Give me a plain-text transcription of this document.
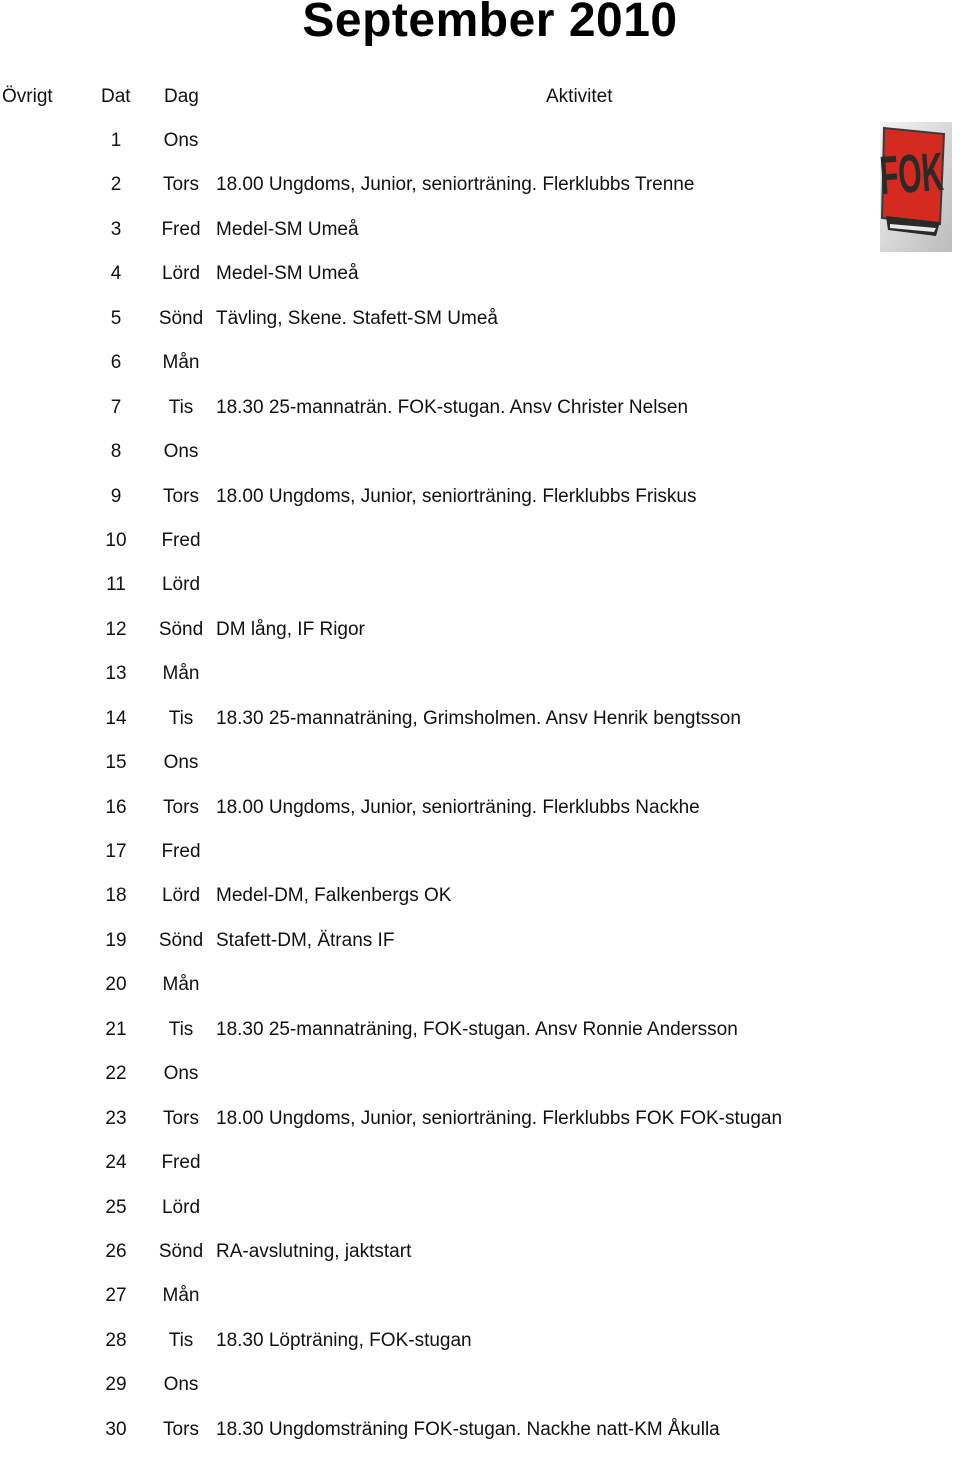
September 2010
Övrigt	Dat Dag	Aktivitet
FOK
1	Ons
2	Tors 18.00 Ungdoms, Junior, seniorträning. Flerklubbs Trenne
3	Fred Medel-SM Umeå
4	Lörd Medel-SM Umeå
5	Sönd Tävling, Skene. Stafett-SM Umeå
6	Mån
7	Tis	18.30 25-mannaträn. FOK-stugan. Ansv Christer Nelsen
8	Ons
9	Tors 18.00 Ungdoms, Junior, seniorträning. Flerklubbs Friskus
10	Fred
11	Lörd
12	Sönd DM lång, IF Rigor
13	Mån
14	Tis	18.30 25-mannaträning, Grimsholmen. Ansv Henrik bengtsson
15	Ons
16	Tors 18.00 Ungdoms, Junior, seniorträning. Flerklubbs Nackhe
17	Fred
18	Lörd Medel-DM, Falkenbergs OK
19	Sönd Stafett-DM, Ätrans IF
20	Mån
21	Tis	18.30 25-mannaträning, FOK-stugan. Ansv Ronnie Andersson
22	Ons
23	Tors 18.00 Ungdoms, Junior, seniorträning. Flerklubbs FOK FOK-stugan
24	Fred
25	Lörd
26	Sönd RA-avslutning, jaktstart
27	Mån
28	Tis	18.30 Löpträning, FOK-stugan
29	Ons
30	Tors 18.30 Ungdomsträning FOK-stugan. Nackhe natt-KM Åkulla
